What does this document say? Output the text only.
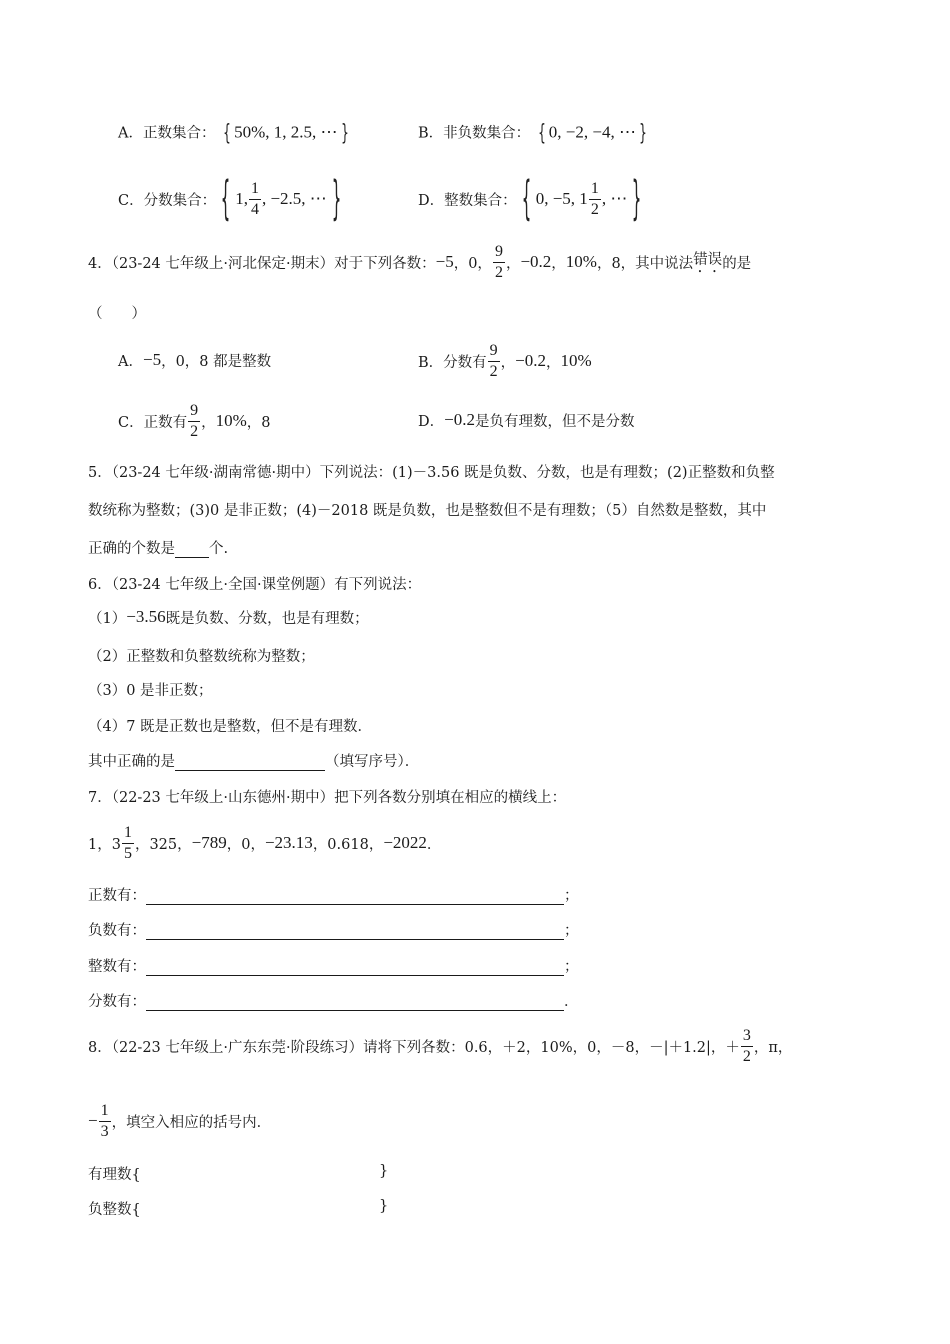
A．正数集合： { 50%, 1, 2.5, ⋯ }	B．非负数集合： { 0, −2, −4, ⋯ }
C．分数集合： { 1, $\frac{1}{4}$ , −2.5, ⋯ }	D．整数集合： { 0, −5, $1 \frac{1}{2}$ , ⋯ }
4．（23-24 七年级上·河北保定·期末）对于下列各数： −5 ，0， $\frac{9}{2}$ ， −0.2 ， 10% ，8，其中说法 错误 的是
（　　）
A． −5 ，0，8 都是整数	B．分数有 $\frac{9}{2}$ ， −0.2 ， 10%
C．正数有 $\frac{9}{2}$ ， 10% ，8	D． −0.2 是负有理数，但不是分数
5．（23-24 七年级·湖南常德·期中）下列说法：(1)－3.56 既是负数、分数，也是有理数；(2)正整数和负整
数统称为整数；(3)0 是非正数；(4)－2018 既是负数，也是整数但不是有理数；（5）自然数是整数，其中
正确的个数是 个.
6．（23-24 七年级上·全国·课堂例题）有下列说法：
（1） −3.56 既是负数、分数，也是有理数；
（2）正整数和负整数统称为整数；
（3）0 是非正数；
（4）7 既是正数也是整数，但不是有理数．
其中正确的是	（填写序号）．
7．（22-23 七年级上·山东德州·期中）把下列各数分别填在相应的横线上：
1，$3 \frac{1}{5}$ ，325， −789 ，0， −23.13 ，0.618， −2022 ．
正数有：	；
负数有：	；
整数有：	；
分数有：	．
8．（22-23 七年级上·广东东莞·阶段练习）请将下列各数：0.6，＋2，10%，0，－8，－|＋1.2|，＋ $\frac{3}{2}$ ，π，
− $\frac{1}{3}$ ，填空入相应的括号内．
有理数{	}
负整数{	}
